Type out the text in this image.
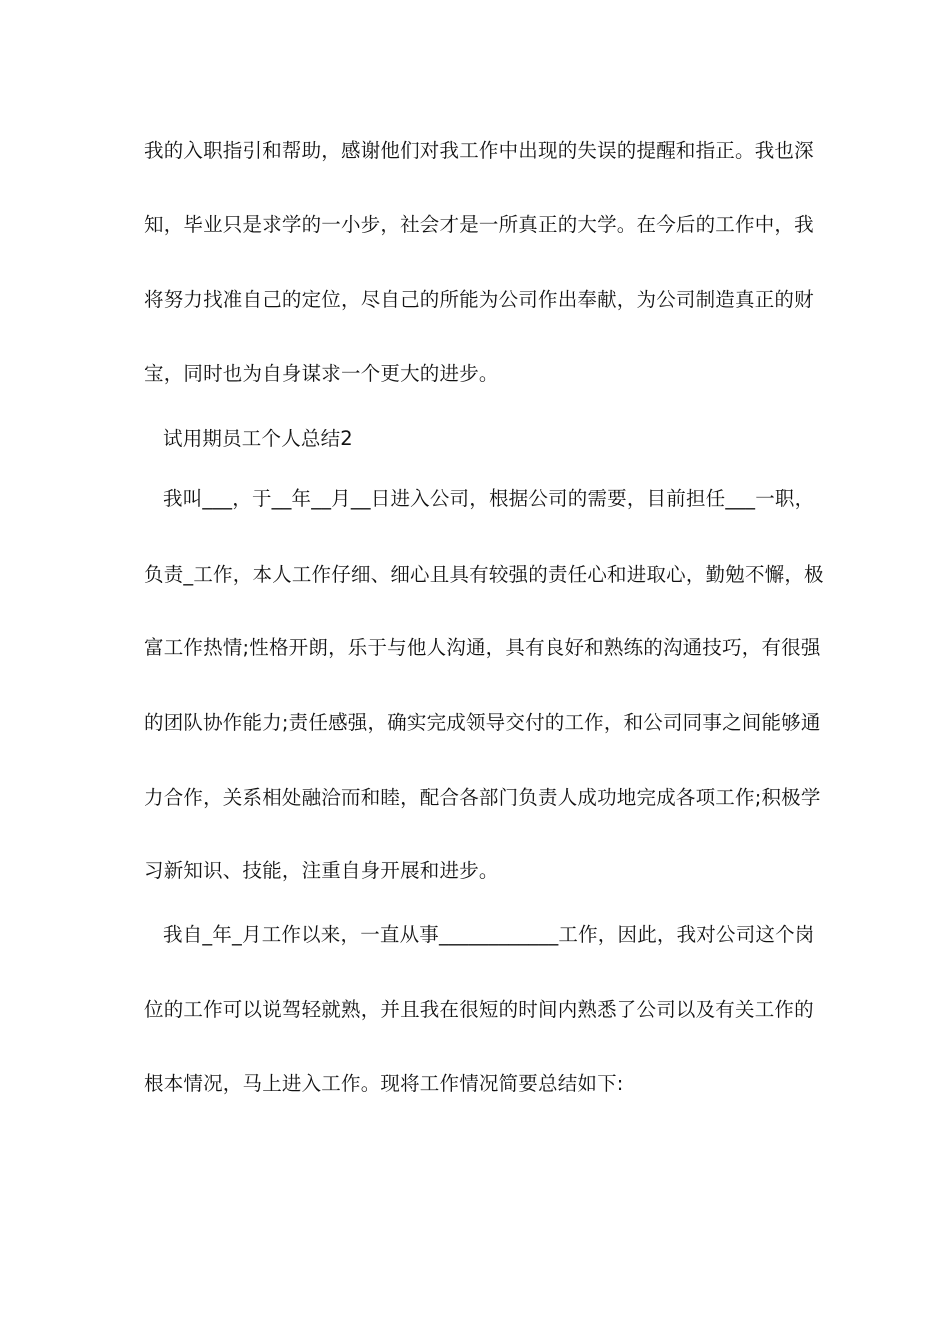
我的入职指引和帮助，感谢他们对我工作中出现的失误的提醒和指正。我也深
知，毕业只是求学的一小步，社会才是一所真正的大学。在今后的工作中，我
将努力找准自己的定位，尽自己的所能为公司作出奉献，为公司制造真正的财
宝，同时也为自身谋求一个更大的进步。
试用期员工个人总结2
我叫___，于__年__月__日进入公司，根据公司的需要，目前担任___一职，
负责_工作，本人工作仔细、细心且具有较强的责任心和进取心，勤勉不懈，极
富工作热情;性格开朗，乐于与他人沟通，具有良好和熟练的沟通技巧，有很强
的团队协作能力;责任感强，确实完成领导交付的工作，和公司同事之间能够通
力合作，关系相处融洽而和睦，配合各部门负责人成功地完成各项工作;积极学
习新知识、技能，注重自身开展和进步。
我自_年_月工作以来，一直从事____________工作，因此，我对公司这个岗
位的工作可以说驾轻就熟，并且我在很短的时间内熟悉了公司以及有关工作的
根本情况，马上进入工作。现将工作情况简要总结如下:
